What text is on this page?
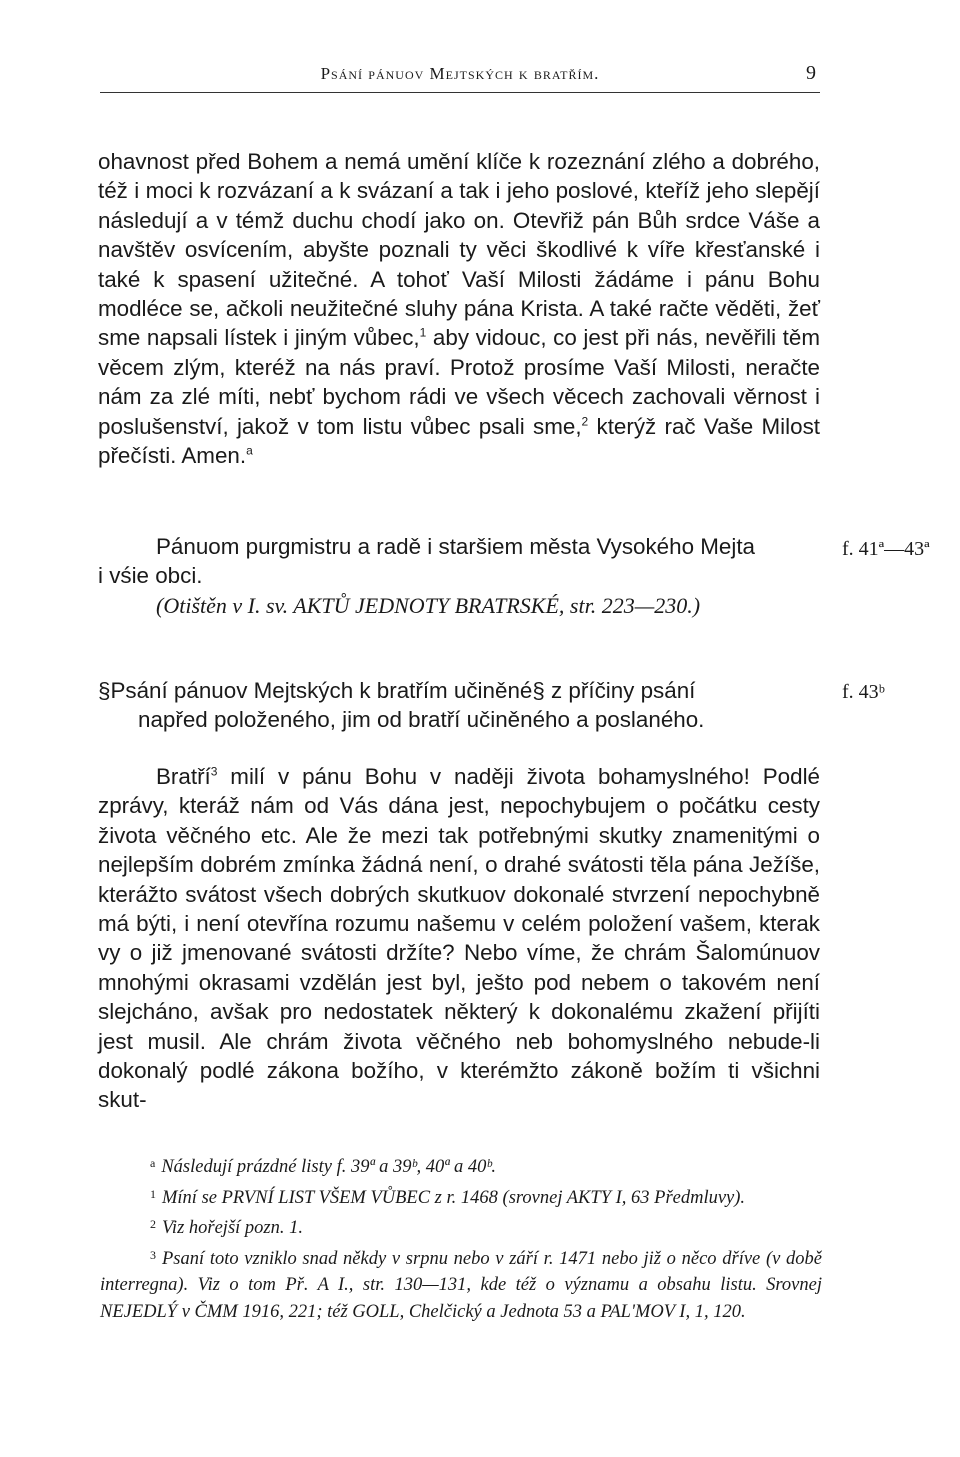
Psání pánuov Mejtských k bratřím.	9

ohavnost před Bohem a nemá umění klíče k rozeznání zlého a dobrého, též i moci k rozvázaní a k svázaní a tak i jeho poslové, kteříž jeho slepějí následují a v témž duchu chodí jako on. Otevřiž pán Bůh srdce Váše a navštěv osvícením, abyšte poznali ty věci škodlivé k víře křesťanské i také k spasení užitečné. A tohoť Vaší Milosti žádáme i pánu Bohu modléce se, ačkoli neužitečné sluhy pána Krista. A také račte věděti, žeť sme napsali lístek i jiným vůbec,$^1$ aby vidouc, co jest při nás, nevěřili těm věcem zlým, kteréž na nás praví. Protož prosíme Vaší Milosti, neračte nám za zlé míti, nebť bychom rádi ve všech věcech zachovali věrnost i poslušenství, jakož v tom listu vůbec psali sme,$^2$ kterýž rač Vaše Milost přečísti. Amen.$^a$

Pánuom purgmistru a radě i staršiem města Vysokého Mejta

i vśie obci.

(Otištěn v I. sv. AKTŮ JEDNOTY BRATRSKÉ, str. 223—230.)

f. 41ª—43ª

§Psání pánuov Mejtských k bratřím učiněné§ z příčiny psání

napřed položeného, jim od bratří učiněného a poslaného.

f. 43ᵇ

Bratří$^3$ milí v pánu Bohu v naději života bohamyslného! Podlé zprávy, kteráž nám od Vás dána jest, nepochybujem o počátku cesty života věčného etc. Ale že mezi tak potřebnými skutky znamenitými o nejlepším dobrém zmínka žádná není, o drahé svátosti těla pána Ježíše, kterážto svátost všech dobrých skutkuov dokonalé stvrzení nepochybně má býti, i není otevřína rozumu našemu v celém položení vašem, kterak vy o již jmenované svátosti držíte? Nebo víme, že chrám Šalomúnuov mnohými okrasami vzdělán jest byl, ješto pod nebem o takovém není slejcháno, avšak pro nedostatek některý k dokonalému zkažení přijíti jest musil. Ale chrám života věčného neb bohomyslného nebude-li dokonalý podlé zákona božího, v kterémžto zákoně božím ti všichni skut-

$^a$ Následují prázdné listy f. 39ª a 39ᵇ, 40ª a 40ᵇ.

$^1$ Míní se PRVNÍ LIST VŠEM VŮBEC z r. 1468 (srovnej AKTY I, 63 Předmluvy).

$^2$ Viz hořejší pozn. 1.

$^3$ Psaní toto vzniklo snad někdy v srpnu nebo v září r. 1471 nebo již o něco dříve (v době interregna). Viz o tom Př. A I., str. 130—131, kde též o významu a obsahu listu. Srovnej NEJEDLÝ v ČMM 1916, 221; též GOLL, Chelčický a Jednota 53 a PAL'MOV I, 1, 120.
